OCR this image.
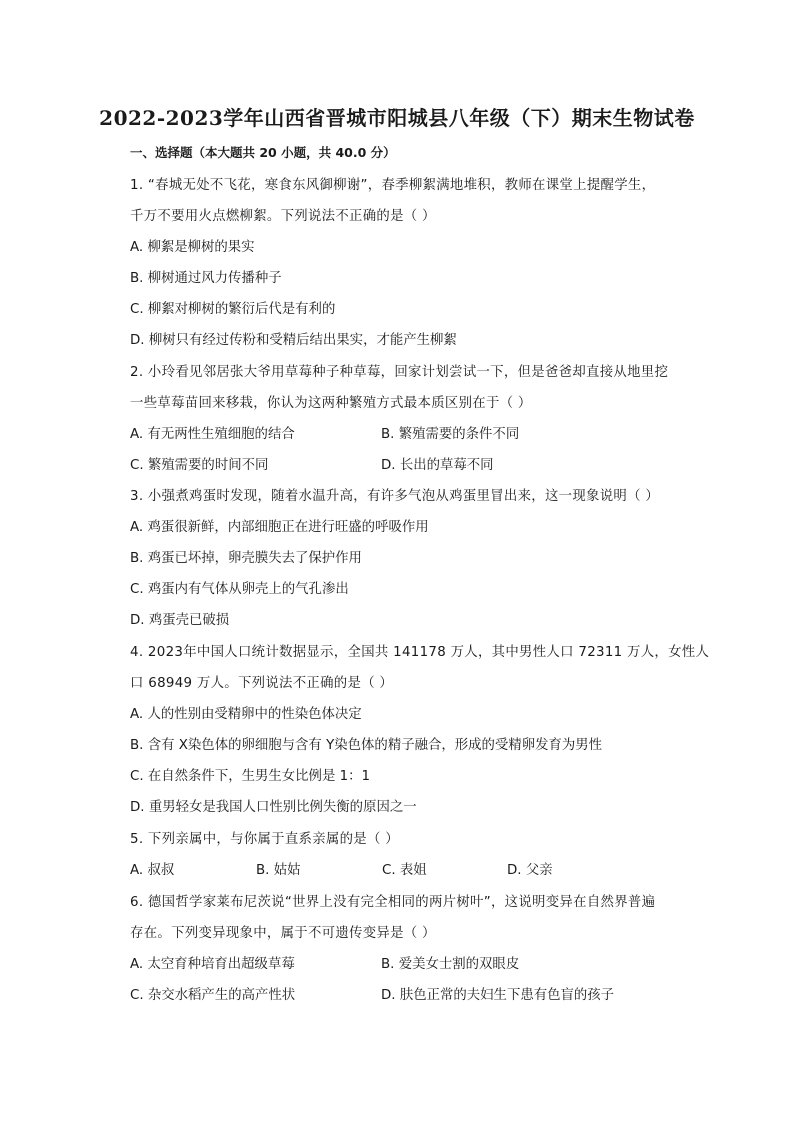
2022-2023学年山西省晋城市阳城县八年级（下）期末生物试卷
一、选择题（本大题共 20 小题，共 40.0 分）
1. “春城无处不飞花，寒食东风御柳谢”，春季柳絮满地堆积，教师在课堂上提醒学生，
千万不要用火点燃柳絮。下列说法不正确的是（ ）
A. 柳絮是柳树的果实
B. 柳树通过风力传播种子
C. 柳絮对柳树的繁衍后代是有利的
D. 柳树只有经过传粉和受精后结出果实，才能产生柳絮
2. 小玲看见邻居张大爷用草莓种子种草莓，回家计划尝试一下，但是爸爸却直接从地里挖
一些草莓苗回来移栽，你认为这两种繁殖方式最本质区别在于（ ）
A. 有无两性生殖细胞的结合	B. 繁殖需要的条件不同
C. 繁殖需要的时间不同	D. 长出的草莓不同
3. 小强煮鸡蛋时发现，随着水温升高，有许多气泡从鸡蛋里冒出来，这一现象说明（ ）
A. 鸡蛋很新鲜，内部细胞正在进行旺盛的呼吸作用
B. 鸡蛋已坏掉，卵壳膜失去了保护作用
C. 鸡蛋内有气体从卵壳上的气孔渗出
D. 鸡蛋壳已破损
4. 2023年中国人口统计数据显示，全国共 141178 万人，其中男性人口 72311 万人，女性人
口 68949 万人。下列说法不正确的是（ ）
A. 人的性别由受精卵中的性染色体决定
B. 含有 X染色体的卵细胞与含有 Y染色体的精子融合，形成的受精卵发育为男性
C. 在自然条件下，生男生女比例是 1：1
D. 重男轻女是我国人口性别比例失衡的原因之一
5. 下列亲属中，与你属于直系亲属的是（ ）
A. 叔叔	B. 姑姑	C. 表姐	D. 父亲
6. 德国哲学家莱布尼茨说“世界上没有完全相同的两片树叶”，这说明变异在自然界普遍
存在。下列变异现象中，属于不可遗传变异是（ ）
A. 太空育种培育出超级草莓	B. 爱美女士割的双眼皮
C. 杂交水稻产生的高产性状	D. 肤色正常的夫妇生下患有色盲的孩子
